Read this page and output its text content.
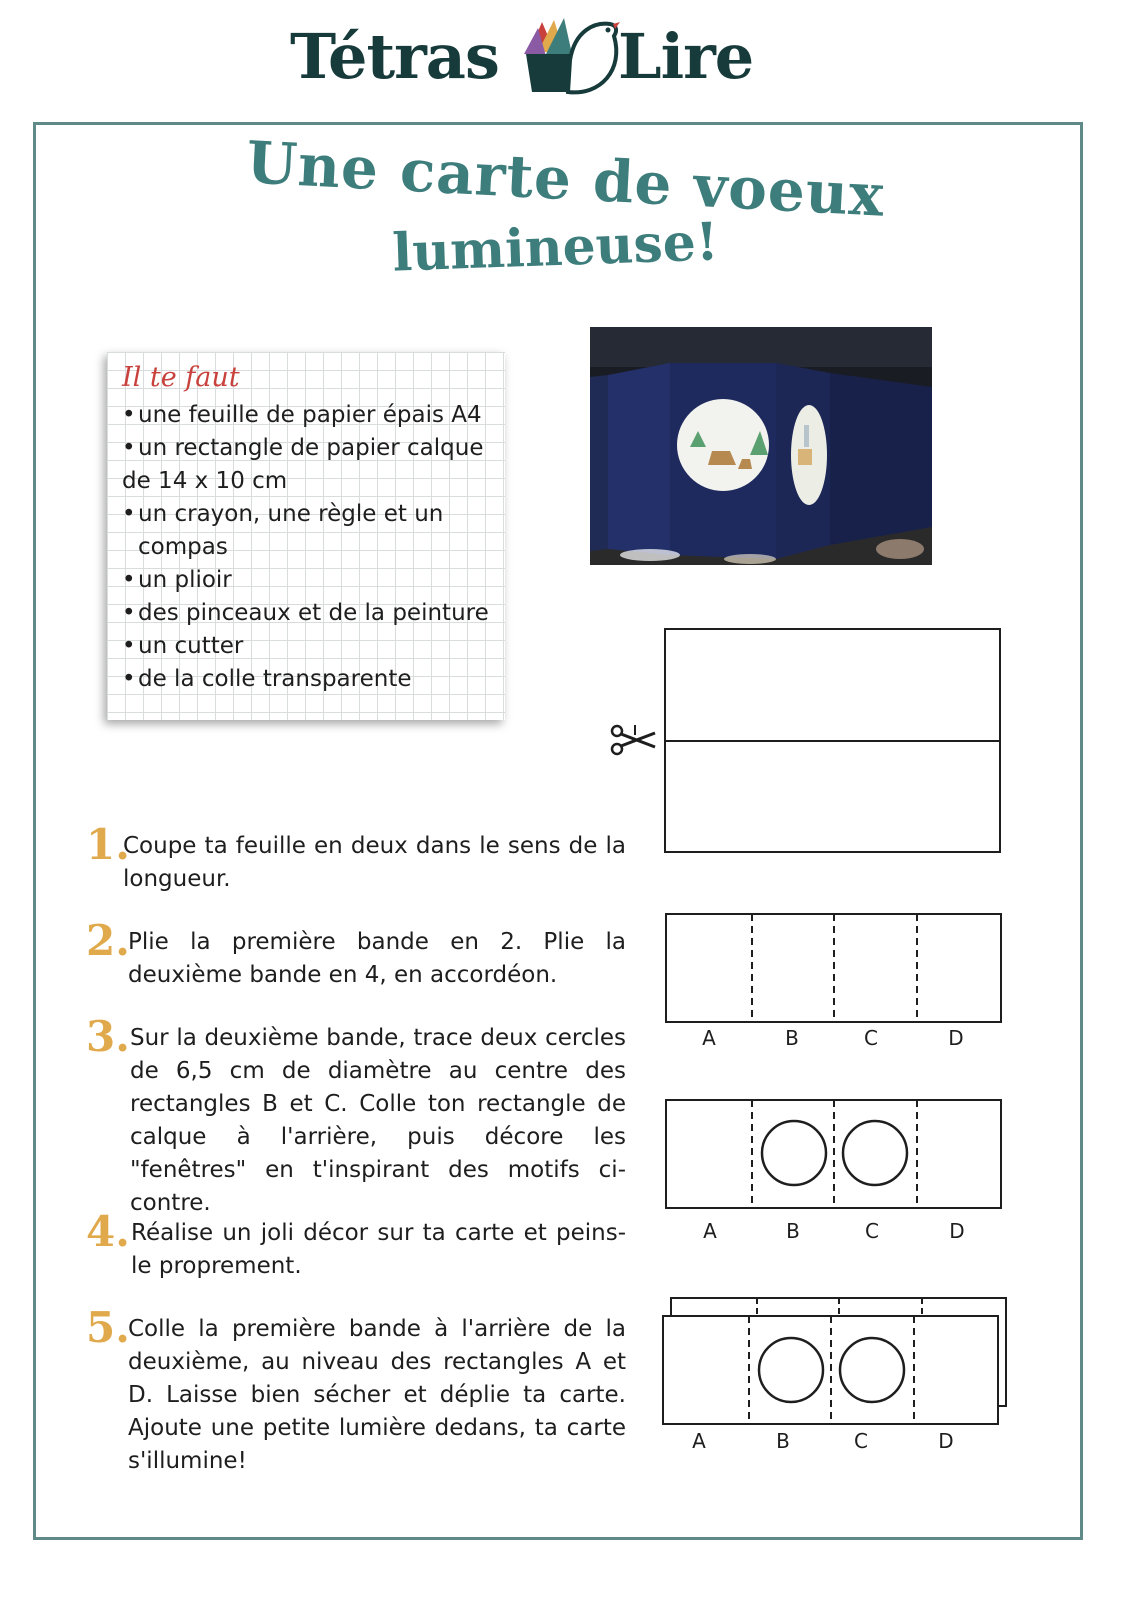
Tétras Lire
Une carte de voeux
lumineuse!
Il te faut
• une feuille de papier épais A4
• un rectangle de papier calque
de 14 x 10 cm
• un crayon, une règle et un
compas
• un plioir
• des pinceaux et de la peinture
• un cutter
• de la colle transparente
A	B	C	D
A	B	C	D
A	B	C	D
1.
Coupe ta feuille en deux dans le sens de la longueur.
2.
Plie la première bande en 2. Plie la deuxième bande en 4, en accordéon.
3. Sur la deuxième bande, trace deux cercles de 6,5 cm de diamètre au centre des rectangles B et C. Colle ton rectangle de calque à l'arrière, puis décore les "fenêtres" en t'inspirant des motifs ci-contre.
4. Réalise un joli décor sur ta carte et peins-le proprement.
5.
Colle la première bande à l'arrière de la deuxième, au niveau des rectangles A et D. Laisse bien sécher et déplie ta carte. Ajoute une petite lumière dedans, ta carte s'illumine!
